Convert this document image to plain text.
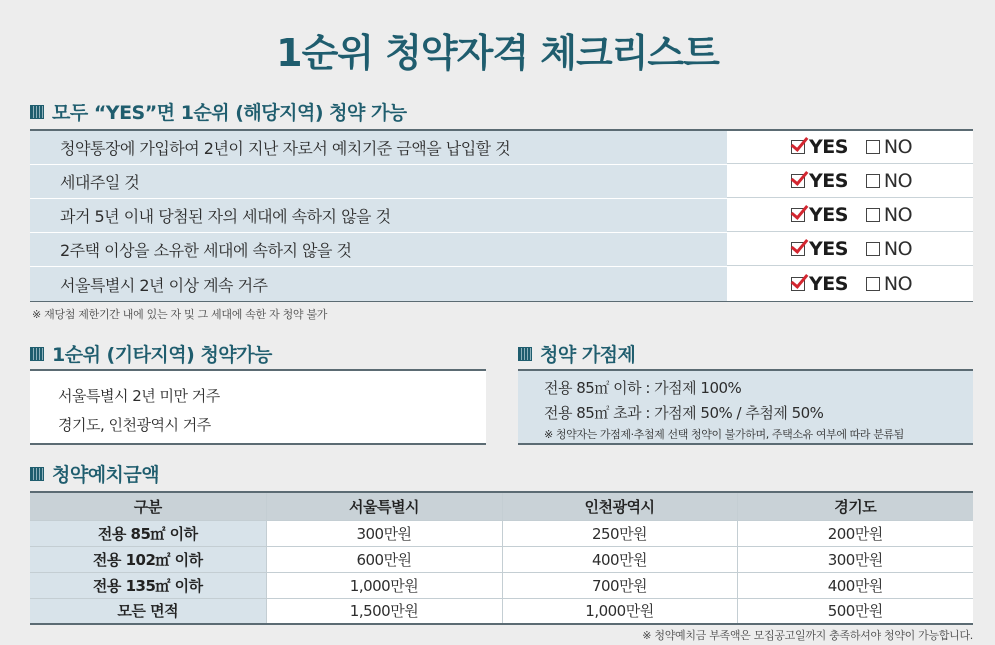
1순위 청약자격 체크리스트
모두 “YES”면 1순위 (해당지역) 청약 가능
청약통장에 가입하여 2년이 지난 자로서 예치기준 금액을 납입할 것	YES NO
세대주일 것	YES NO
과거 5년 이내 당첨된 자의 세대에 속하지 않을 것	YES NO
2주택 이상을 소유한 세대에 속하지 않을 것	YES NO
서울특별시 2년 이상 계속 거주	YES NO
※ 재당첨 제한기간 내에 있는 자 및 그 세대에 속한 자 청약 불가
1순위 (기타지역) 청약가능
서울특별시 2년 미만 거주
경기도, 인천광역시 거주
청약 가점제
전용 85㎡ 이하 : 가점제 100%
전용 85㎡ 초과 : 가점제 50% / 추첨제 50%
※ 청약자는 가점제·추첨제 선택 청약이 불가하며, 주택소유 여부에 따라 분류됨
청약예치금액
구분	서울특별시	인천광역시	경기도
전용 85㎡ 이하	300만원	250만원	200만원
전용 102㎡ 이하	600만원	400만원	300만원
전용 135㎡ 이하	1,000만원	700만원	400만원
모든 면적	1,500만원	1,000만원	500만원
※ 청약예치금 부족액은 모집공고일까지 충족하셔야 청약이 가능합니다.
